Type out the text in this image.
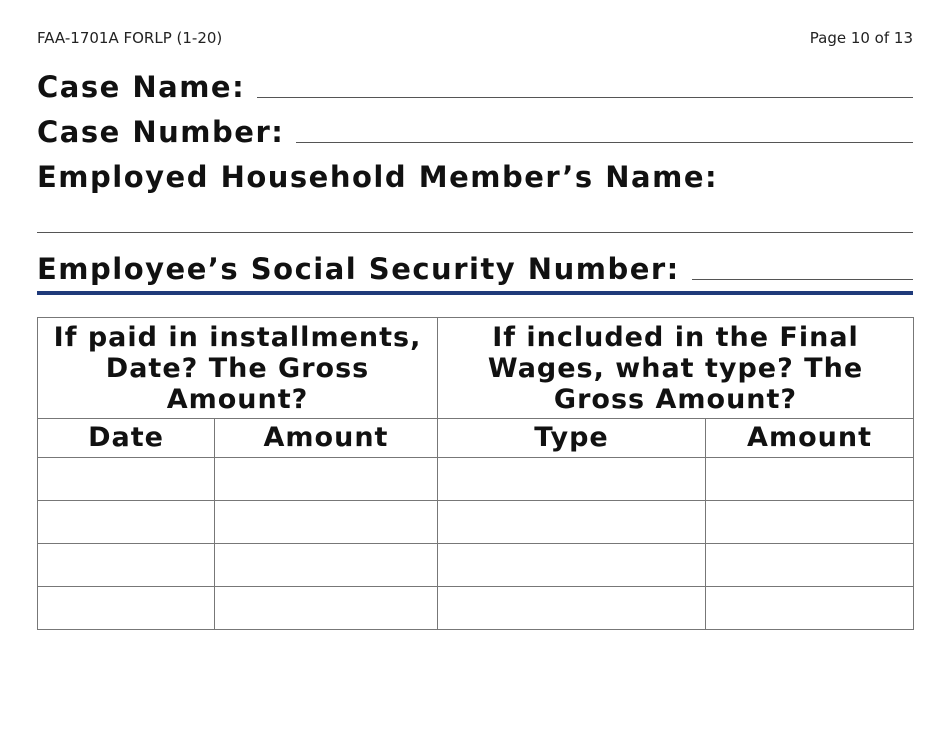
FAA-1701A FORLP (1-20)	Page 10 of 13
Case Name:
Case Number:
Employed Household Member’s Name:
Employee’s Social Security Number:
If paid in installments, Date? The Gross Amount?		If included in the Final Wages, what type? The Gross Amount?	
Date	Amount	Type	Amount
